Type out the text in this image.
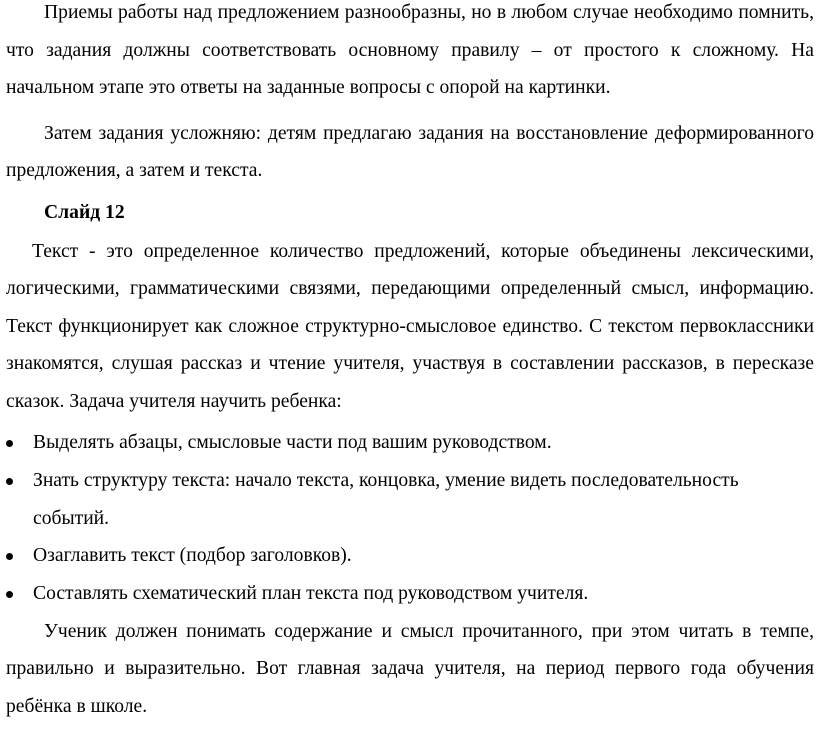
Приемы работы над предложением разнообразны, но в любом случае необходимо помнить, что задания должны соответствовать основному правилу – от простого к сложному. На начальном этапе это ответы на заданные вопросы с опорой на картинки.

Затем задания усложняю: детям предлагаю задания на восстановление деформированного предложения, а затем и текста.

Слайд 12

Текст - это определенное количество предложений, которые объединены лексическими, логическими, грамматическими связями, передающими определенный смысл, информацию. Текст функционирует как сложное структурно-смысловое единство. С текстом первоклассники знакомятся, слушая рассказ и чтение учителя, участвуя в составлении рассказов, в пересказе сказок. Задача учителя научить ребенка:

Выделять абзацы, смысловые части под вашим руководством.
Знать структуру текста: начало текста, концовка, умение видеть последовательность событий.
Озаглавить текст (подбор заголовков).
Составлять схематический план текста под руководством учителя.

Ученик должен понимать содержание и смысл прочитанного, при этом читать в темпе, правильно и выразительно. Вот главная задача учителя, на период первого года обучения ребёнка в школе.
